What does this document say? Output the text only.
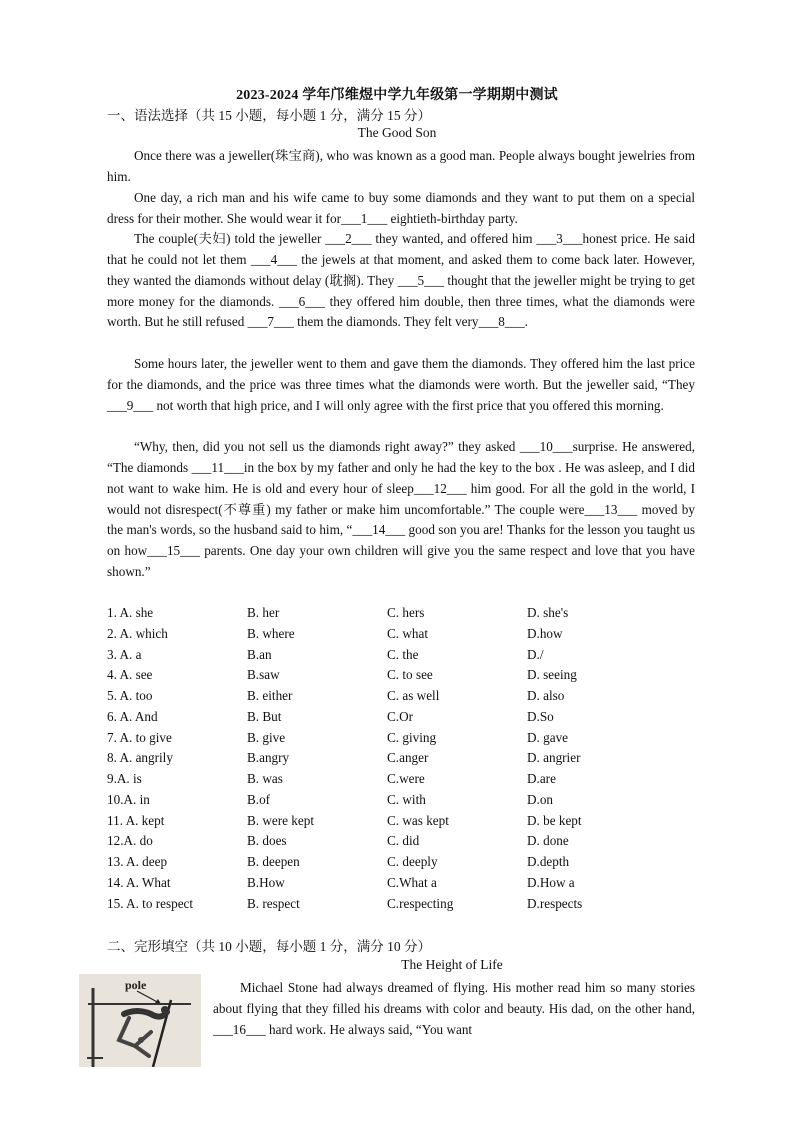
2023-2024 学年邝维煜中学九年级第一学期期中测试
一、语法选择（共 15 小题，每小题 1 分，满分 15 分）
The Good Son

Once there was a jeweller(珠宝商), who was known as a good man. People always bought jewelries from him.

One day, a rich man and his wife came to buy some diamonds and they want to put them on a special dress for their mother. She would wear it for___1___ eightieth-birthday party.

The couple(夫妇) told the jeweller ___2___ they wanted, and offered him ___3___honest price. He said that he could not let them ___4___ the jewels at that moment, and asked them to come back later. However, they wanted the diamonds without delay (耽搁). They ___5___ thought that the jeweller might be trying to get more money for the diamonds. ___6___ they offered him double, then three times, what the diamonds were worth. But he still refused ___7___ them the diamonds. They felt very___8___.

Some hours later, the jeweller went to them and gave them the diamonds. They offered him the last price for the diamonds, and the price was three times what the diamonds were worth. But the jeweller said, “They ___9___ not worth that high price, and I will only agree with the first price that you offered this morning.

“Why, then, did you not sell us the diamonds right away?” they asked ___10___surprise. He answered, “The diamonds ___11___in the box by my father and only he had the key to the box . He was asleep, and I did not want to wake him. He is old and every hour of sleep___12___ him good. For all the gold in the world, I would not disrespect(不尊重) my father or make him uncomfortable.” The couple were___13___ moved by the man's words, so the husband said to him, “___14___ good son you are! Thanks for the lesson you taught us on how___15___ parents. One day your own children will give you the same respect and love that you have shown.”

1. A. she	B. her	C. hers	D. she's
2. A. which	B. where	C. what	D.how
3. A. a	B.an	C. the	D./
4. A. see	B.saw	C. to see	D. seeing
5. A. too	B. either	C. as well	D. also
6. A. And	B. But	C.Or	D.So
7. A. to give	B. give	C. giving	D. gave
8. A. angrily	B.angry	C.anger	D. angrier
9.A. is	B. was	C.were	D.are
10.A. in	B.of	C. with	D.on
11. A. kept	B. were kept	C. was kept	D. be kept
12.A. do	B. does	C. did	D. done
13. A. deep	B. deepen	C. deeply	D.depth
14. A. What	B.How	C.What a	D.How a
15. A. to respect	B. respect	C.respecting	D.respects
二、完形填空（共 10 小题，每小题 1 分，满分 10 分）
The Height of Life
pole	Michael Stone had always dreamed of flying. His mother read him so many stories about flying that they filled his dreams with color and beauty. His dad, on the other hand, ___16___ hard work. He always said, “You want
